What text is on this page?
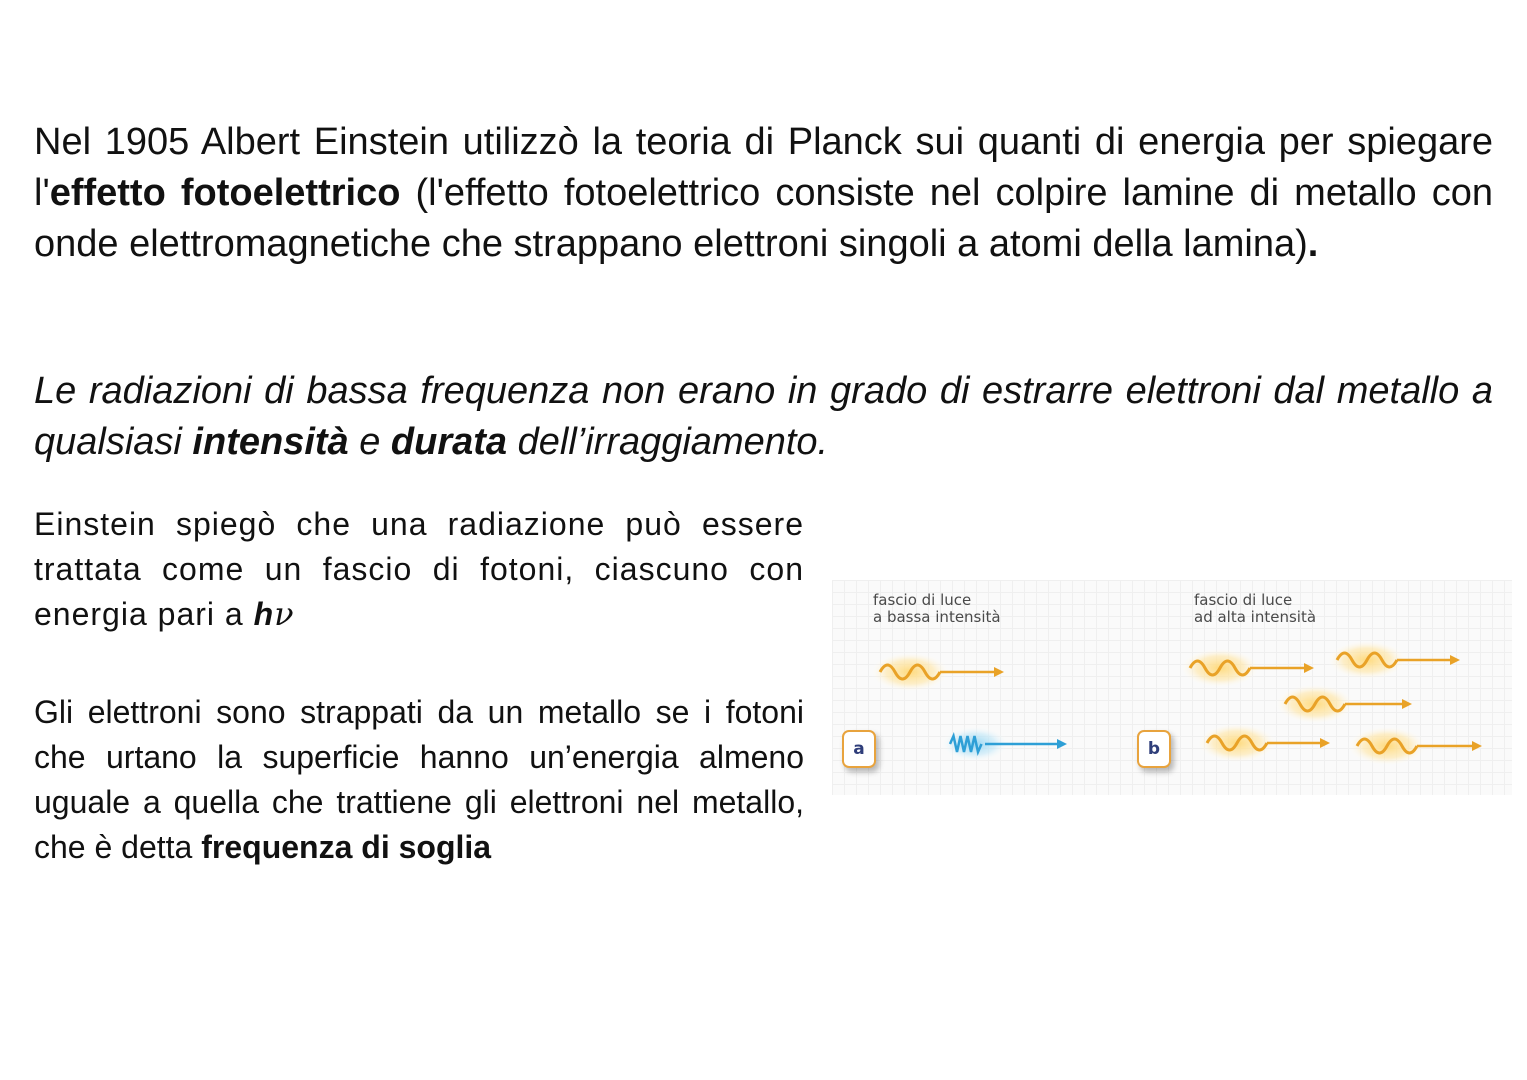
Nel 1905 Albert Einstein utilizzò la teoria di Planck sui quanti di energia per spiegare l'effetto fotoelettrico (l'effetto fotoelettrico consiste nel colpire lamine di metallo con onde elettromagnetiche che strappano elettroni singoli a atomi della lamina).

Le radiazioni di bassa frequenza non erano in grado di estrarre elettroni dal metallo a qualsiasi intensità e durata dell’irraggiamento.

Einstein spiegò che una radiazione può essere trattata come un fascio di fotoni, ciascuno con energia pari a hν

Gli elettroni sono strappati da un metallo se i fotoni che urtano la superficie hanno un’energia almeno uguale a quella che trattiene gli elettroni nel metallo, che è detta frequenza di soglia

fascio di luce
a bassa intensità

fascio di luce
ad alta intensità

a	b
